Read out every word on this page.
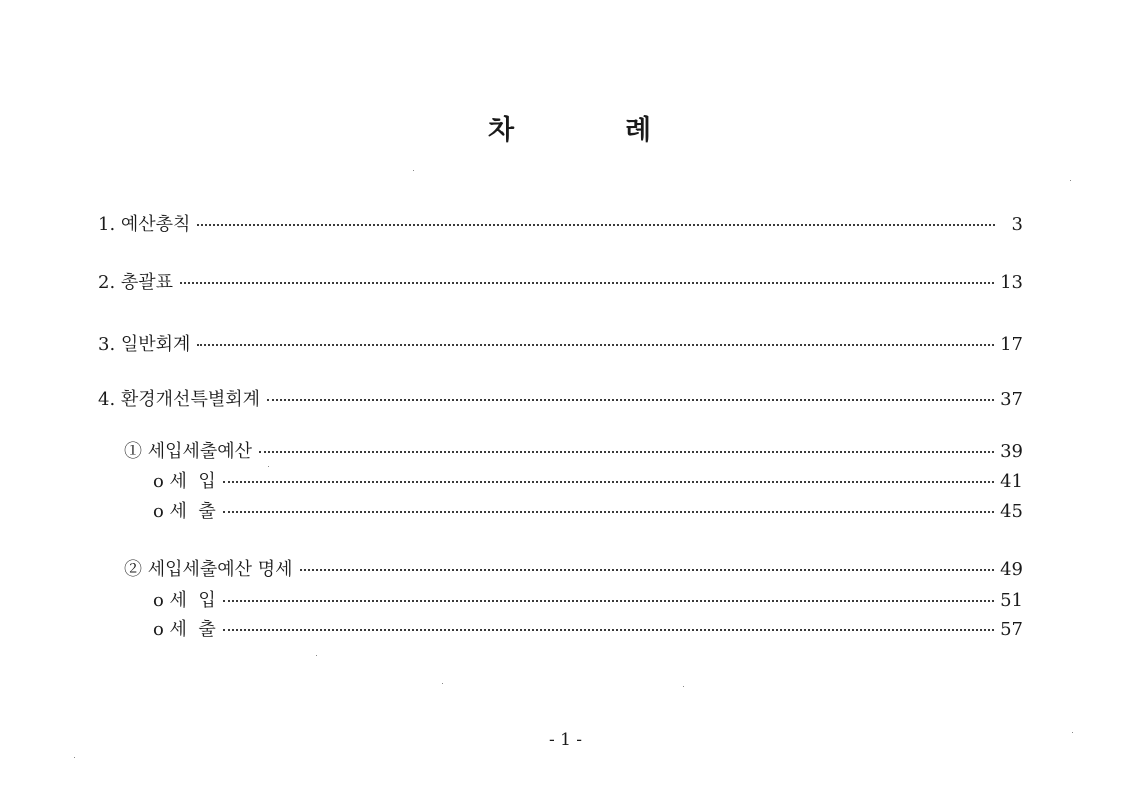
차	례
1. 예산총칙	3
2. 총괄표	13
3. 일반회계	17
4. 환경개선특별회계	37
① 세입세출예산	39
o 세  입	41
o 세  출	45
② 세입세출예산 명세	49
o 세  입	51
o 세  출	57
- 1 -
